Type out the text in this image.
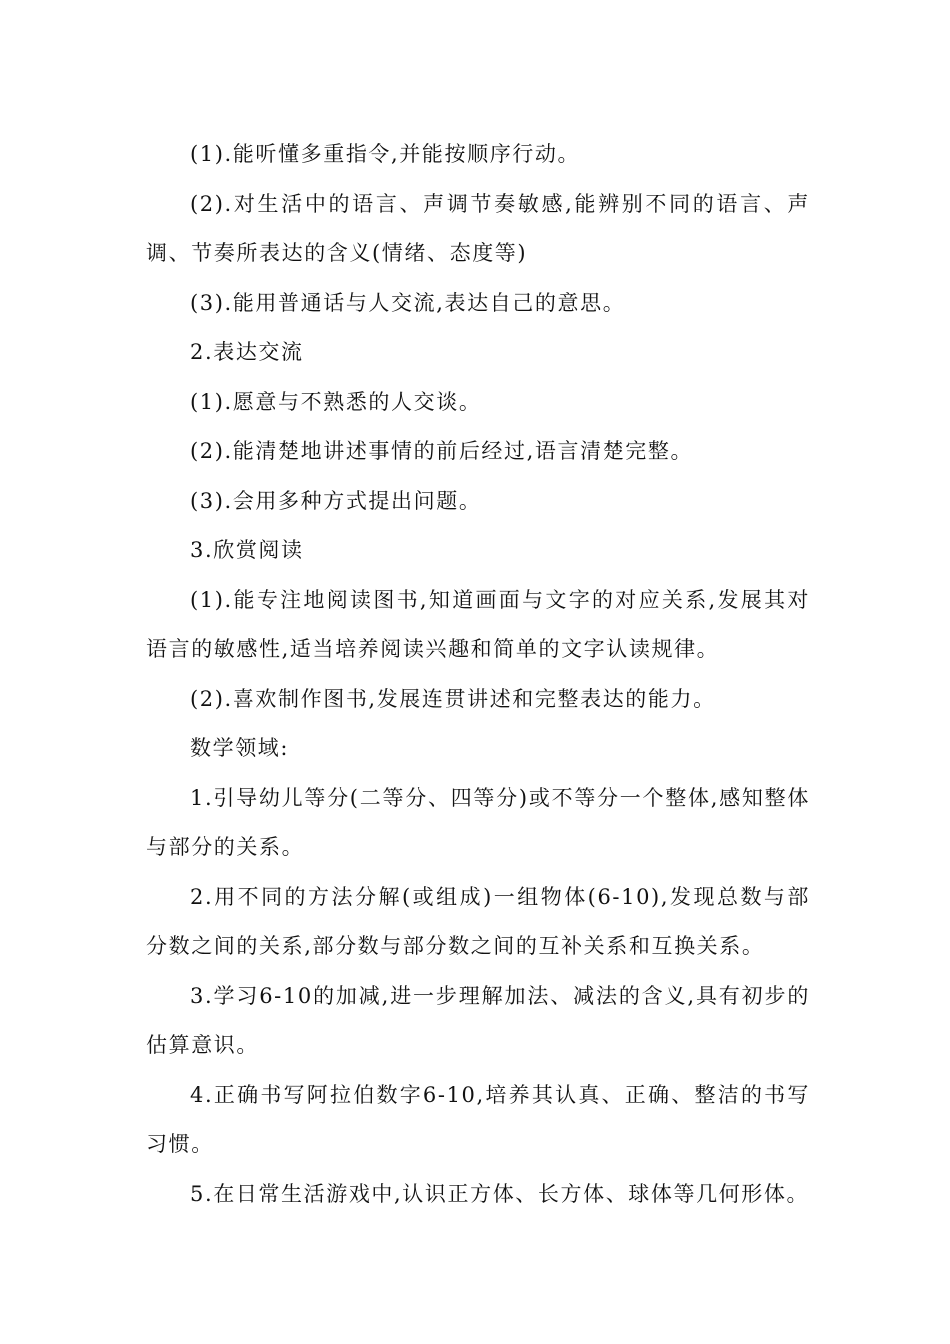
(1).能听懂多重指令,并能按顺序行动。

(2).对生活中的语言、声调节奏敏感,能辨别不同的语言、声调、节奏所表达的含义(情绪、态度等)

(3).能用普通话与人交流,表达自己的意思。

2.表达交流

(1).愿意与不熟悉的人交谈。

(2).能清楚地讲述事情的前后经过,语言清楚完整。

(3).会用多种方式提出问题。

3.欣赏阅读

(1).能专注地阅读图书,知道画面与文字的对应关系,发展其对语言的敏感性,适当培养阅读兴趣和简单的文字认读规律。

(2).喜欢制作图书,发展连贯讲述和完整表达的能力。

数学领域:

1.引导幼儿等分(二等分、四等分)或不等分一个整体,感知整体与部分的关系。

2.用不同的方法分解(或组成)一组物体(6-10),发现总数与部分数之间的关系,部分数与部分数之间的互补关系和互换关系。

3.学习6-10的加减,进一步理解加法、减法的含义,具有初步的估算意识。

4.正确书写阿拉伯数字6-10,培养其认真、正确、整洁的书写习惯。

5.在日常生活游戏中,认识正方体、长方体、球体等几何形体。
